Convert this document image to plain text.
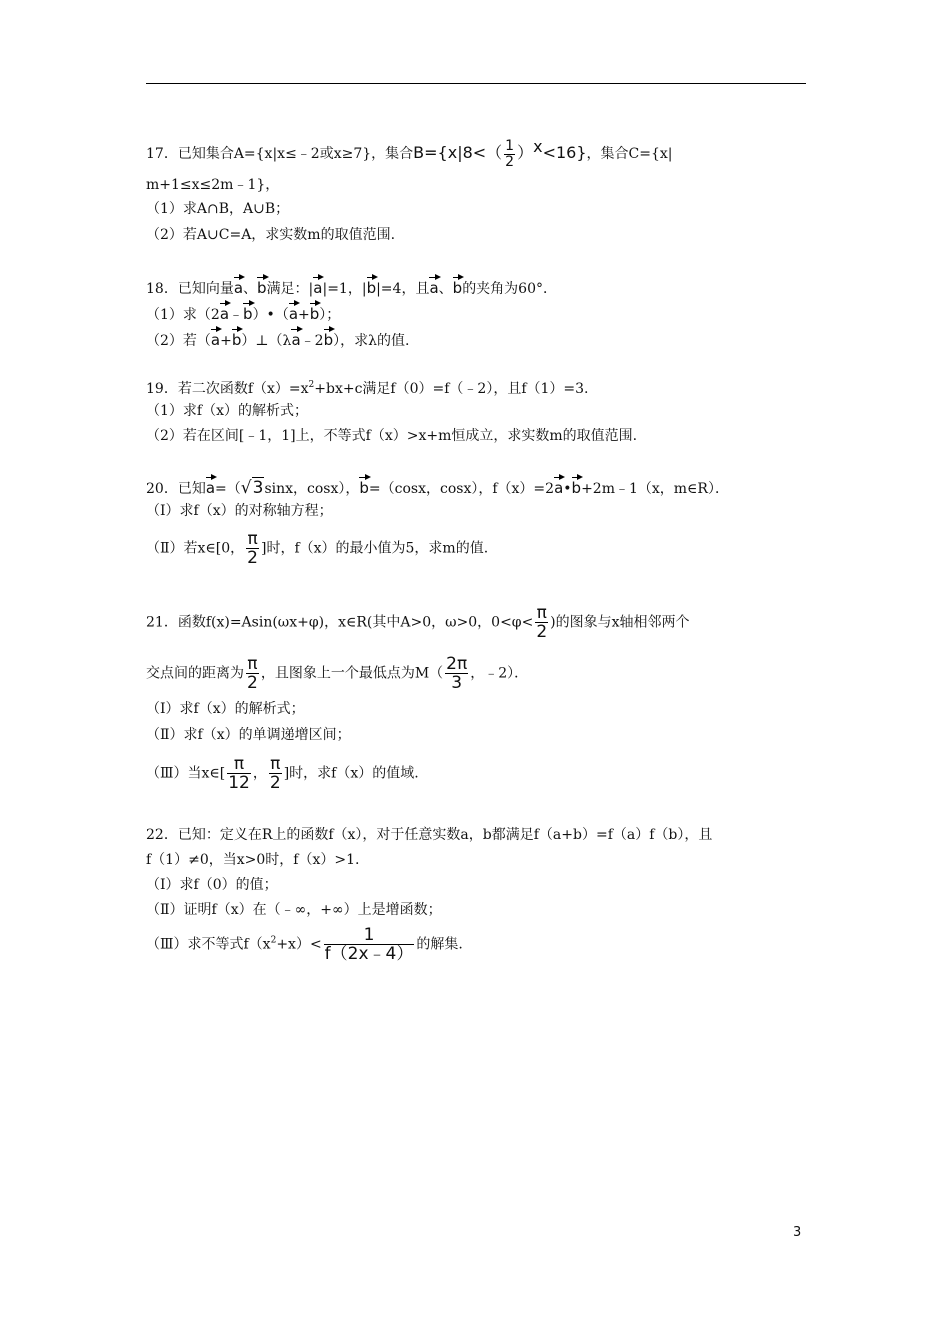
17．已知集合A={x|x≤﹣2或x≥7}，集合$B=\{x|8<( \frac{1}{2} )^x<16\}$，集合C={x|
m+1≤x≤2m﹣1}，
（1）求A∩B，A∪B；
（2）若A∪C=A，求实数m的取值范围.
18．已知向量a、b满足：|a|=1，|b|=4，且a、b的夹角为60°．
（1）求（2a﹣b）•（a+b）；
（2）若（a+b）⊥（λa﹣2b），求λ的值.
19．若二次函数$f(x)=x^2+bx+c$满足f（0）=f（﹣2），且f（1）=3.
（1）求f（x）的解析式；
（2）若在区间[﹣1，1]上，不等式f（x）>x+m恒成立，求实数m的取值范围.
20．已知a=（√3sinx，cosx），b=（cosx，cosx），f（x）=2a•b+2m﹣1（x，m∈R）．
（Ⅰ）求f（x）的对称轴方程；
（Ⅱ）若x∈[0， $\frac{\pi}{2}$ ]时，f（x）的最小值为5，求m的值.
21．函数f(x)=Asin(ωx+φ)，x∈R(其中A>0，ω>0，$0<\varphi< \frac{\pi}{2}$ )的图象与x轴相邻两个
交点间的距离为 $\frac{\pi}{2}$ ，且图象上一个最低点为$M( \frac{2\pi}{3}$ ，﹣2）．
（Ⅰ）求f（x）的解析式；
（Ⅱ）求f（x）的单调递增区间；
（Ⅲ）当x∈[ $\frac{\pi}{12}$ ， $\frac{\pi}{2}$ ]时，求f（x）的值域.
22．已知：定义在R上的函数f（x），对于任意实数a，b都满足f（a+b）=f（a）f（b），且
f（1）≠0，当x>0时，f（x）>1.
（Ⅰ）求f（0）的值；
（Ⅱ）证明f（x）在（﹣∞，+∞）上是增函数；
（Ⅲ）求不等式$f(x^2+x)< \frac{1}{f(2x﹣4)}$ 的解集.
3
